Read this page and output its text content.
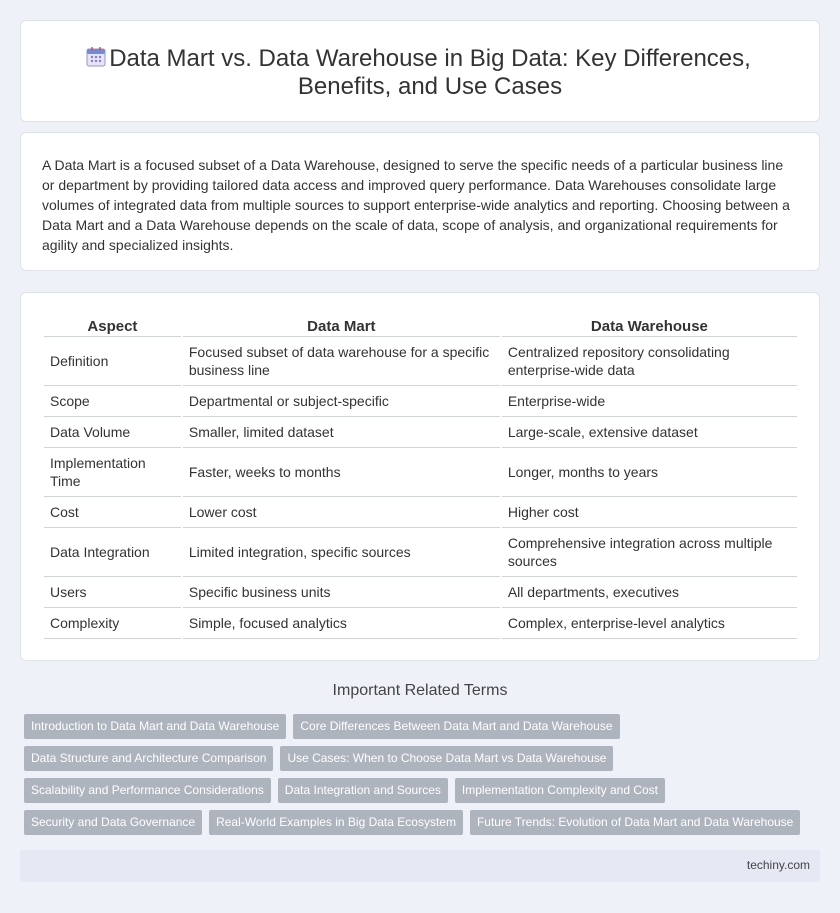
Data Mart vs. Data Warehouse in Big Data: Key Differences, Benefits, and Use Cases

A Data Mart is a focused subset of a Data Warehouse, designed to serve the specific needs of a particular business line or department by providing tailored data access and improved query performance. Data Warehouses consolidate large volumes of integrated data from multiple sources to support enterprise-wide analytics and reporting. Choosing between a Data Mart and a Data Warehouse depends on the scale of data, scope of analysis, and organizational requirements for agility and specialized insights.

Aspect	Data Mart	Data Warehouse
Definition	Focused subset of data warehouse for a specific business line	Centralized repository consolidating enterprise-wide data
Scope	Departmental or subject-specific	Enterprise-wide
Data Volume	Smaller, limited dataset	Large-scale, extensive dataset
Implementation Time	Faster, weeks to months	Longer, months to years
Cost	Lower cost	Higher cost
Data Integration	Limited integration, specific sources	Comprehensive integration across multiple sources
Users	Specific business units	All departments, executives
Complexity	Simple, focused analytics	Complex, enterprise-level analytics
Important Related Terms
Introduction to Data Mart and Data Warehouse	Core Differences Between Data Mart and Data Warehouse
Data Structure and Architecture Comparison	Use Cases: When to Choose Data Mart vs Data Warehouse
Scalability and Performance Considerations	Data Integration and Sources	Implementation Complexity and Cost
Security and Data Governance	Real-World Examples in Big Data Ecosystem	Future Trends: Evolution of Data Mart and Data Warehouse
techiny.com
